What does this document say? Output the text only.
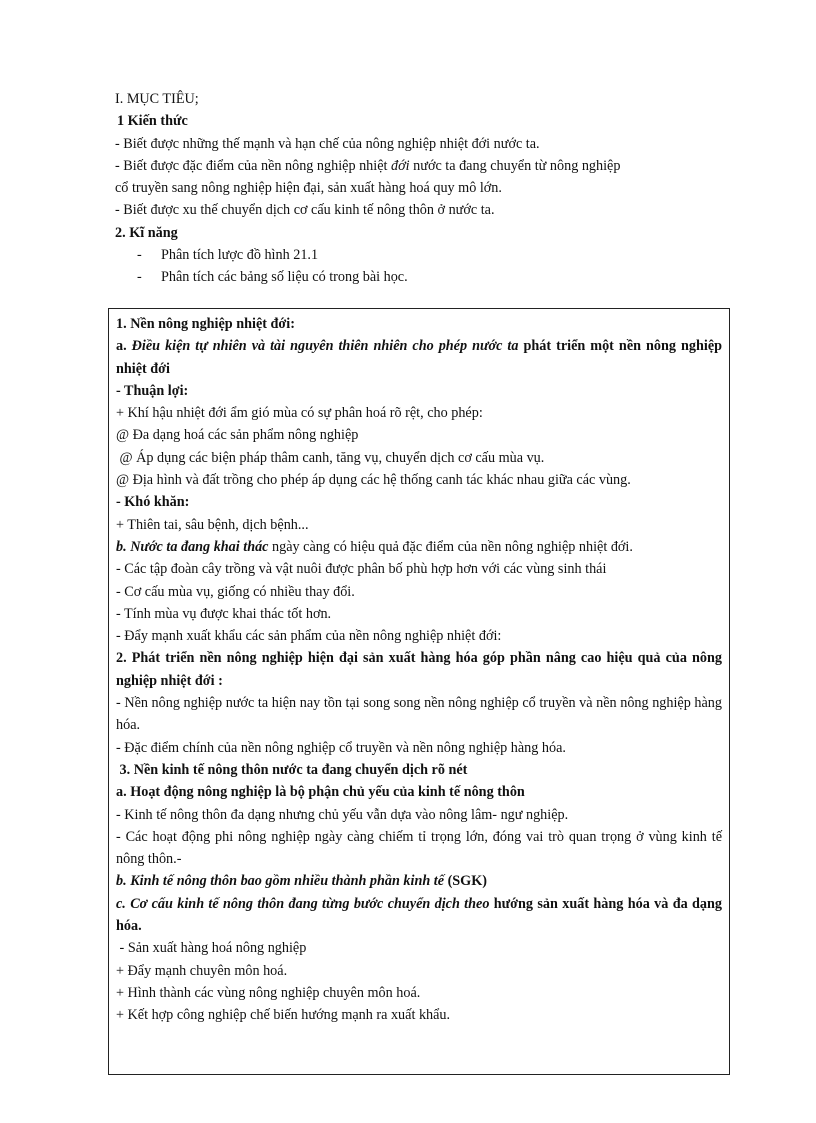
I. MỤC TIÊU;
1 Kiến thức
- Biết được những thế mạnh và hạn chế của nông nghiệp nhiệt đới nước ta.
- Biết được đặc điểm của nền nông nghiệp nhiệt đới nước ta đang chuyển từ nông nghiệp
cổ truyền sang nông nghiệp hiện đại, sản xuất hàng hoá quy mô lớn.
- Biết được xu thế chuyển dịch cơ cấu kinh tế nông thôn ở nước ta.
2. Kĩ năng
- Phân tích lược đồ hình 21.1
- Phân tích các bảng số liệu có trong bài học.
1. Nền nông nghiệp nhiệt đới:
a. Điều kiện tự nhiên và tài nguyên thiên nhiên cho phép nước ta phát triển một nền nông nghiệp nhiệt đới
- Thuận lợi:
+ Khí hậu nhiệt đới ẩm gió mùa có sự phân hoá rõ rệt, cho phép:
@ Đa dạng hoá các sản phẩm nông nghiệp
@ Áp dụng các biện pháp thâm canh, tăng vụ, chuyển dịch cơ cấu mùa vụ.
@ Địa hình và đất trồng cho phép áp dụng các hệ thống canh tác khác nhau giữa các vùng.
- Khó khăn:
+ Thiên tai, sâu bệnh, dịch bệnh...
b. Nước ta đang khai thác ngày càng có hiệu quả đặc điểm của nền nông nghiệp nhiệt đới.
- Các tập đoàn cây trồng và vật nuôi được phân bố phù hợp hơn với các vùng sinh thái
- Cơ cấu mùa vụ, giống có nhiều thay đổi.
- Tính mùa vụ được khai thác tốt hơn.
- Đẩy mạnh xuất khẩu các sản phẩm của nền nông nghiệp nhiệt đới:
2. Phát triển nền nông nghiệp hiện đại sản xuất hàng hóa góp phần nâng cao hiệu quả của nông nghiệp nhiệt đới :
- Nền nông nghiệp nước ta hiện nay tồn tại song song nền nông nghiệp cổ truyền và nền nông nghiệp hàng hóa.
- Đặc điểm chính của nền nông nghiệp cổ truyền và nền nông nghiệp hàng hóa.
3. Nền kinh tế nông thôn nước ta đang chuyển dịch rõ nét
a. Hoạt động nông nghiệp là bộ phận chủ yếu của kinh tế nông thôn
- Kinh tế nông thôn đa dạng nhưng chủ yếu vẫn dựa vào nông lâm- ngư nghiệp.
- Các hoạt động phi nông nghiệp ngày càng chiếm tỉ trọng lớn, đóng vai trò quan trọng ở vùng kinh tế nông thôn.-
b. Kinh tế nông thôn bao gồm nhiều thành phần kinh tế (SGK)
c. Cơ cấu kinh tế nông thôn đang từng bước chuyển dịch theo hướng sản xuất hàng hóa và đa dạng hóa.
- Sản xuất hàng hoá nông nghiệp
+ Đẩy mạnh chuyên môn hoá.
+ Hình thành các vùng nông nghiệp chuyên môn hoá.
+ Kết hợp công nghiệp chế biến hướng mạnh ra xuất khẩu.
